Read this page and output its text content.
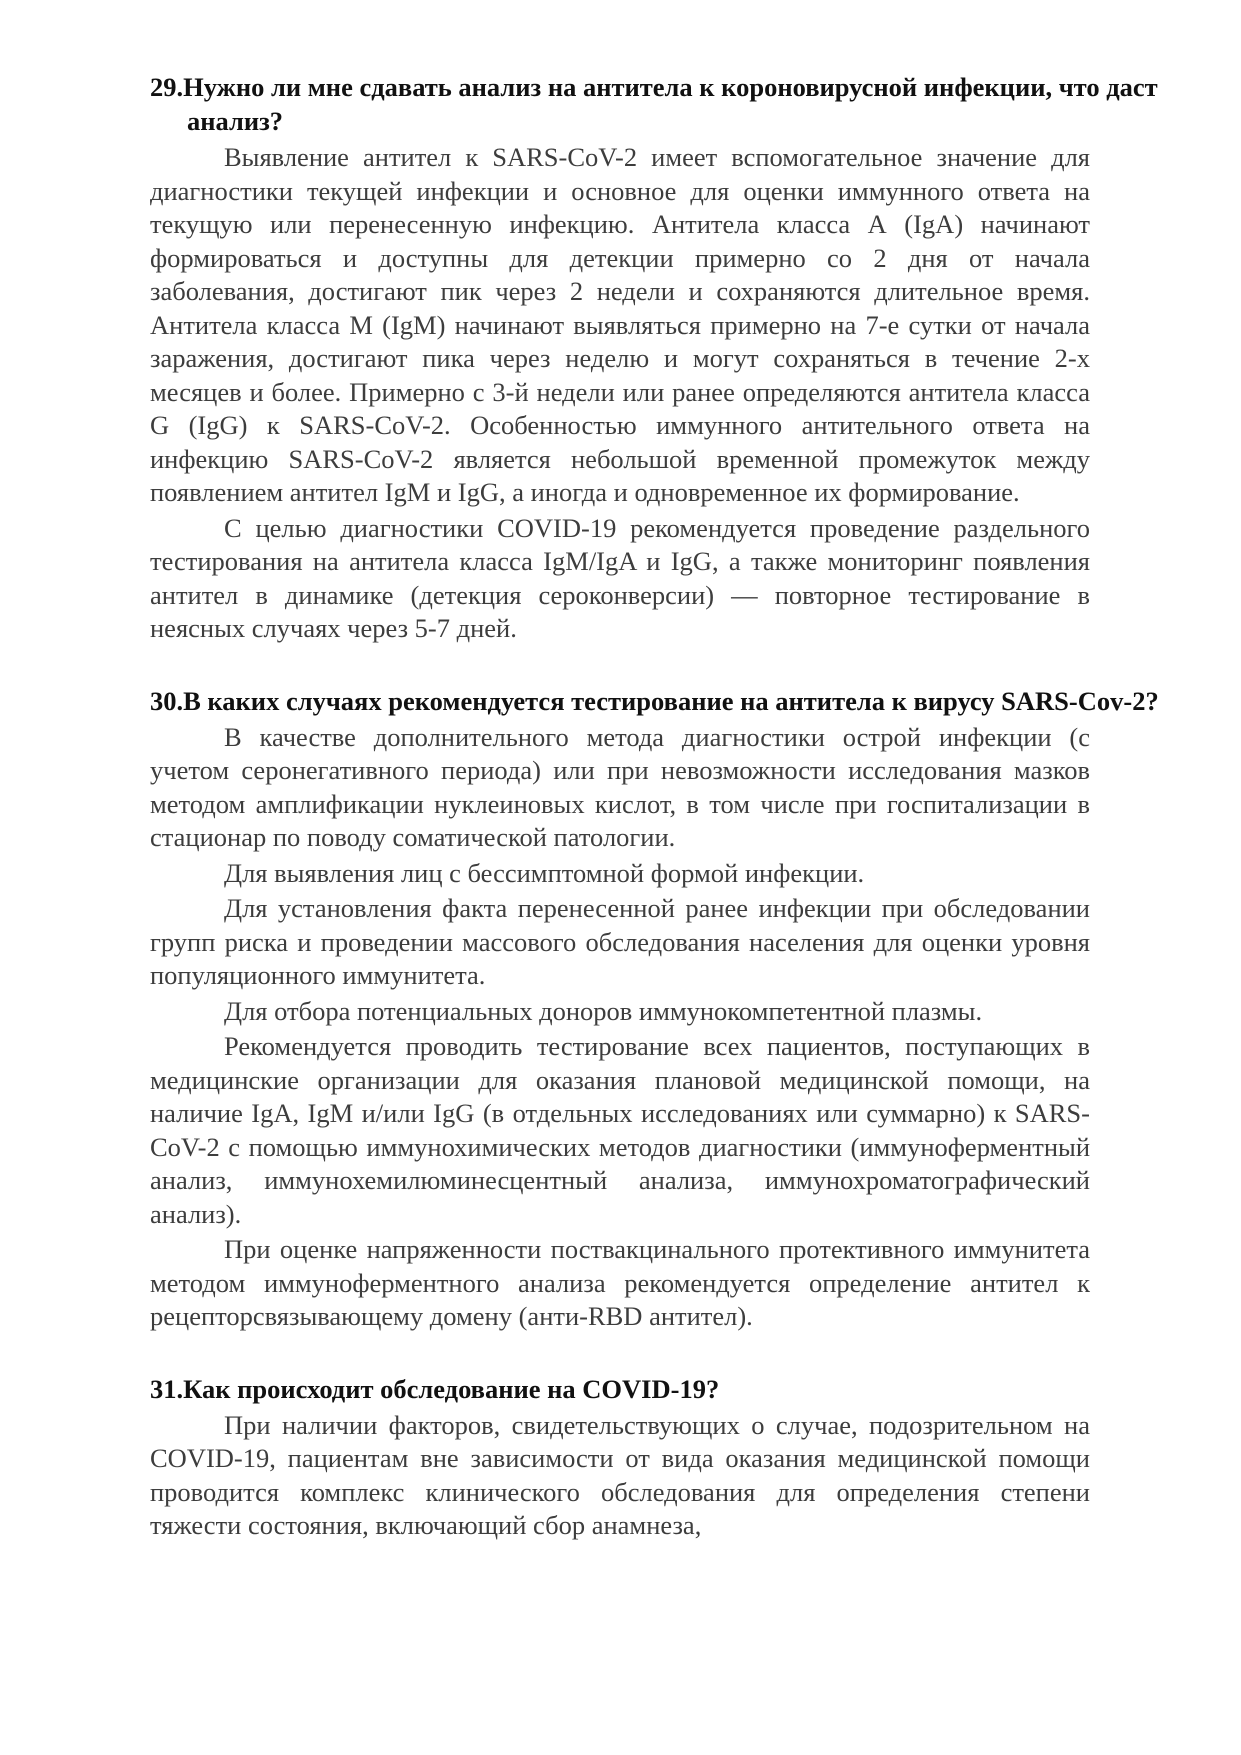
29.Нужно ли мне сдавать анализ на антитела к короновирусной инфекции, что даст анализ?

Выявление антител к SARS-CoV-2 имеет вспомогательное значение для диагностики текущей инфекции и основное для оценки иммунного ответа на текущую или перенесенную инфекцию. Антитела класса А (IgA) начинают формироваться и доступны для детекции примерно со 2 дня от начала заболевания, достигают пик через 2 недели и сохраняются длительное время. Антитела класса М (IgM) начинают выявляться примерно на 7-е сутки от начала заражения, достигают пика через неделю и могут сохраняться в течение 2-х месяцев и более. Примерно с 3-й недели или ранее определяются антитела класса G (IgG) к SARS-CoV-2. Особенностью иммунного антительного ответа на инфекцию SARS-CoV-2 является небольшой временной промежуток между появлением антител IgM и IgG, а иногда и одновременное их формирование.

С целью диагностики COVID-19 рекомендуется проведение раздельного тестирования на антитела класса IgM/IgA и IgG, а также мониторинг появления антител в динамике (детекция сероконверсии) — повторное тестирование в неясных случаях через 5-7 дней.

30.В каких случаях рекомендуется тестирование на антитела к вирусу SARS-Cov-2?

В качестве дополнительного метода диагностики острой инфекции (с учетом серонегативного периода) или при невозможности исследования мазков методом амплификации нуклеиновых кислот, в том числе при госпитализации в стационар по поводу соматической патологии.

Для выявления лиц с бессимптомной формой инфекции.

Для установления факта перенесенной ранее инфекции при обследовании групп риска и проведении массового обследования населения для оценки уровня популяционного иммунитета.

Для отбора потенциальных доноров иммунокомпетентной плазмы.

Рекомендуется проводить тестирование всех пациентов, поступающих в медицинские организации для оказания плановой медицинской помощи, на наличие IgA, IgM и/или IgG (в отдельных исследованиях или суммарно) к SARS-CoV-2 с помощью иммунохимических методов диагностики (иммуноферментный анализ, иммунохемилюминесцентный анализа, иммунохроматографический анализ).

При оценке напряженности поствакцинального протективного иммунитета методом иммуноферментного анализа рекомендуется определение антител к рецепторсвязывающему домену (анти-RBD антител).

31.Как происходит обследование на COVID-19?

При наличии факторов, свидетельствующих о случае, подозрительном на COVID-19, пациентам вне зависимости от вида оказания медицинской помощи проводится комплекс клинического обследования для определения степени тяжести состояния, включающий сбор анамнеза,
